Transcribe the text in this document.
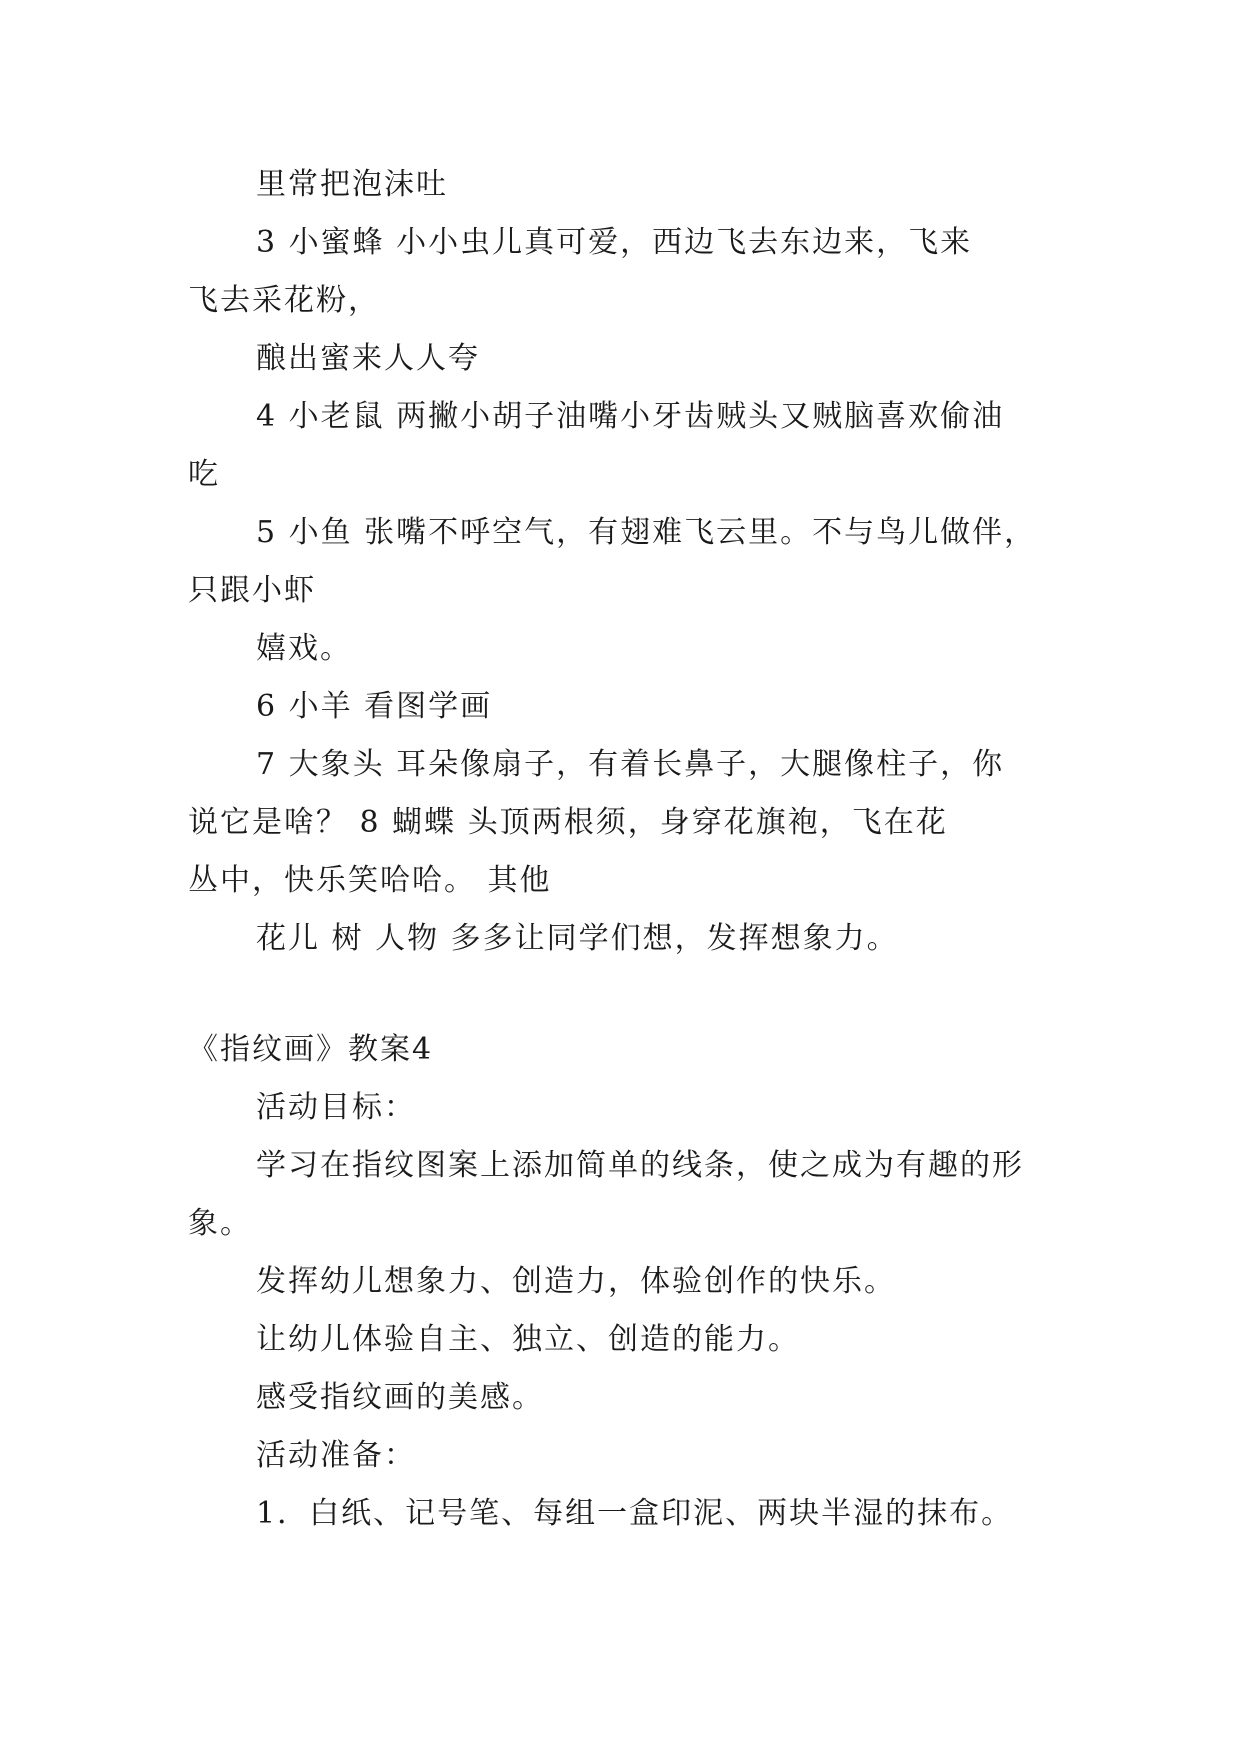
里常把泡沫吐
3 小蜜蜂 小小虫儿真可爱，西边飞去东边来，飞来
飞去采花粉，
酿出蜜来人人夸
4 小老鼠 两撇小胡子油嘴小牙齿贼头又贼脑喜欢偷油
吃
5 小鱼 张嘴不呼空气，有翅难飞云里。不与鸟儿做伴，
只跟小虾
嬉戏。
6 小羊 看图学画
7 大象头 耳朵像扇子，有着长鼻子，大腿像柱子，你
说它是啥？ 8 蝴蝶 头顶两根须，身穿花旗袍，飞在花
丛中，快乐笑哈哈。 其他
花儿 树 人物 多多让同学们想，发挥想象力。
《指纹画》教案4
活动目标：
学习在指纹图案上添加简单的线条，使之成为有趣的形
象。
发挥幼儿想象力、创造力，体验创作的快乐。
让幼儿体验自主、独立、创造的能力。
感受指纹画的美感。
活动准备：
1．白纸、记号笔、每组一盒印泥、两块半湿的抹布。
